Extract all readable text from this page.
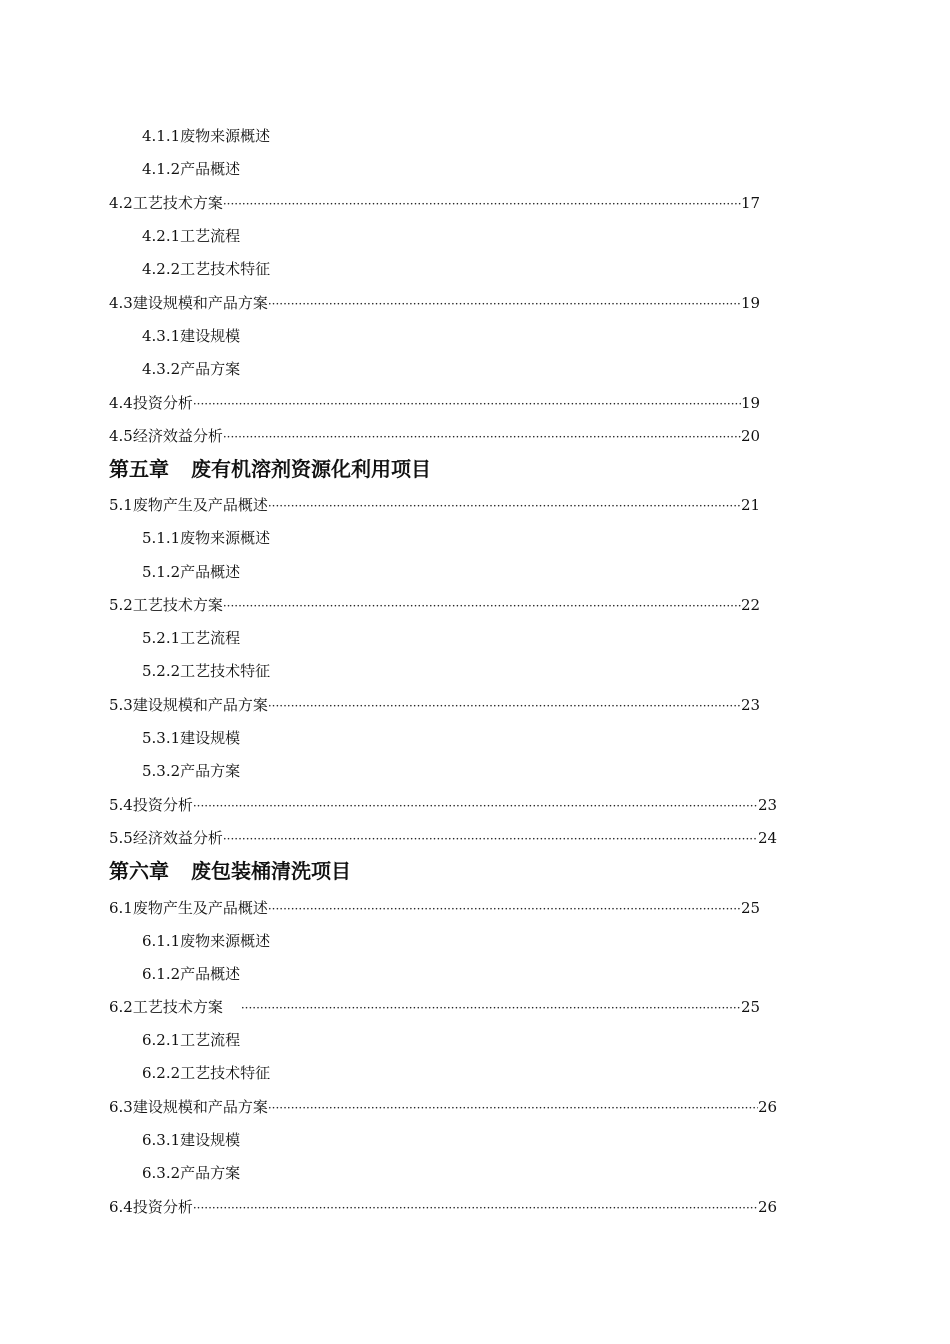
4.1.1废物来源概述
4.1.2产品概述
4.2工艺技术方案 ·····	17
4.2.1工艺流程
4.2.2工艺技术特征
4.3建设规模和产品方案 ·····	19
4.3.1建设规模
4.3.2产品方案
4.4投资分析 ·····	19
4.5经济效益分析 ·····	20
第五章 废有机溶剂资源化利用项目
5.1废物产生及产品概述 ·····	21
5.1.1废物来源概述
5.1.2产品概述
5.2工艺技术方案 ·····	22
5.2.1工艺流程
5.2.2工艺技术特征
5.3建设规模和产品方案 ·····	23
5.3.1建设规模
5.3.2产品方案
5.4投资分析 ·····	23
5.5经济效益分析 ·····	24
第六章 废包装桶清洗项目
6.1废物产生及产品概述 ·····	25
6.1.1废物来源概述
6.1.2产品概述
6.2工艺技术方案 ·····	25
6.2.1工艺流程
6.2.2工艺技术特征
6.3建设规模和产品方案 ·····	26
6.3.1建设规模
6.3.2产品方案
6.4投资分析 ·····	26
